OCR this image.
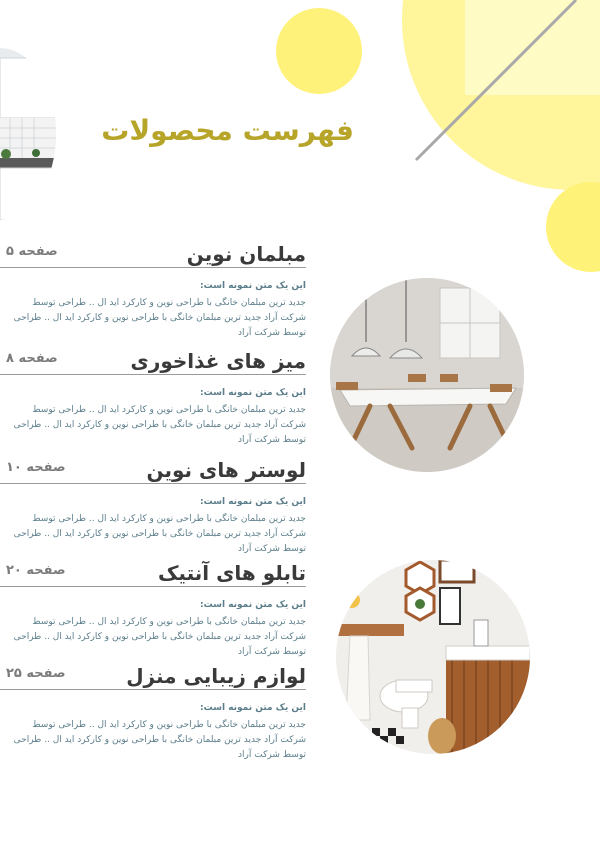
فهرست محصولات
مبلمان نوین
صفحه ۵
این یک متن نمونه است:
جدید ترین مبلمان خانگی با طراحی نوین و کارکرد اید ال .. طراحی توسط شرکت آراد جدید ترین مبلمان خانگی با طراحی نوین و کارکرد اید ال .. طراحی توسط شرکت آراد
میز های غذاخوری
صفحه ۸
این یک متن نمونه است:
جدید ترین مبلمان خانگی با طراحی نوین و کارکرد اید ال .. طراحی توسط شرکت آراد جدید ترین مبلمان خانگی با طراحی نوین و کارکرد اید ال .. طراحی توسط شرکت آراد
لوستر های نوین
صفحه ۱۰
این یک متن نمونه است:
جدید ترین مبلمان خانگی با طراحی نوین و کارکرد اید ال .. طراحی توسط شرکت آراد جدید ترین مبلمان خانگی با طراحی نوین و کارکرد اید ال .. طراحی توسط شرکت آراد
تابلو های آنتیک
صفحه ۲۰
این یک متن نمونه است:
جدید ترین مبلمان خانگی با طراحی نوین و کارکرد اید ال .. طراحی توسط شرکت آراد جدید ترین مبلمان خانگی با طراحی نوین و کارکرد اید ال .. طراحی توسط شرکت آراد
لوازم زیبایی منزل
صفحه ۲۵
این یک متن نمونه است:
جدید ترین مبلمان خانگی با طراحی نوین و کارکرد اید ال .. طراحی توسط شرکت آراد جدید ترین مبلمان خانگی با طراحی نوین و کارکرد اید ال .. طراحی توسط شرکت آراد
